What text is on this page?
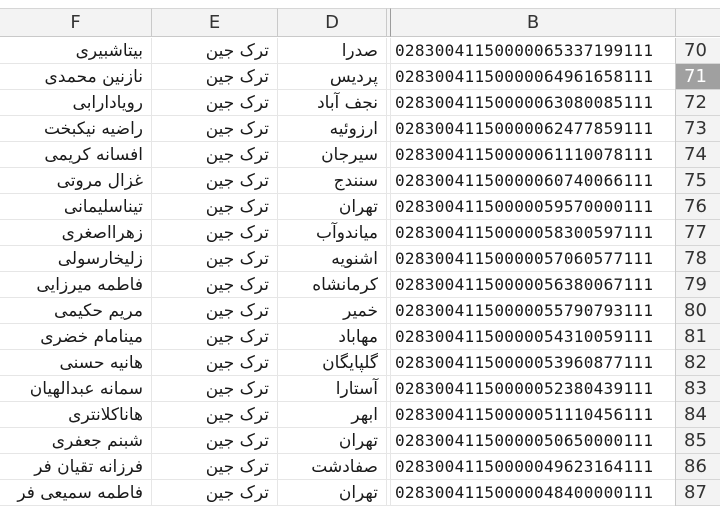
F	E	D	B
بیتاشبیری	ترک جین	صدرا	02830041150000065337199111	70
نازنین محمدی	ترک جین	پردیس	02830041150000064961658111	71
رویادارابی	ترک جین	نجف آباد	02830041150000063080085111	72
راضیه نیکبخت	ترک جین	ارزوئیه	02830041150000062477859111	73
افسانه کریمی	ترک جین	سیرجان	02830041150000061110078111	74
غزال مروتی	ترک جین	سنندج	02830041150000060740066111	75
تیناسلیمانی	ترک جین	تهران	02830041150000059570000111	76
زهرااصغری	ترک جین	میاندوآب	02830041150000058300597111	77
زلیخارسولی	ترک جین	اشنویه	02830041150000057060577111	78
فاطمه میرزایی	ترک جین	کرمانشاه	02830041150000056380067111	79
مریم حکیمی	ترک جین	خمیر	02830041150000055790793111	80
مینامام خضری	ترک جین	مهاباد	02830041150000054310059111	81
هانیه حسنی	ترک جین	گلپایگان	02830041150000053960877111	82
سمانه عبدالهیان	ترک جین	آستارا	02830041150000052380439111	83
هاناکلانتری	ترک جین	ابهر	02830041150000051110456111	84
شبنم جعفری	ترک جین	تهران	02830041150000050650000111	85
فرزانه تقیان فر	ترک جین	صفادشت	02830041150000049623164111	86
فاطمه سمیعی فر	ترک جین	تهران	02830041150000048400000111	87
